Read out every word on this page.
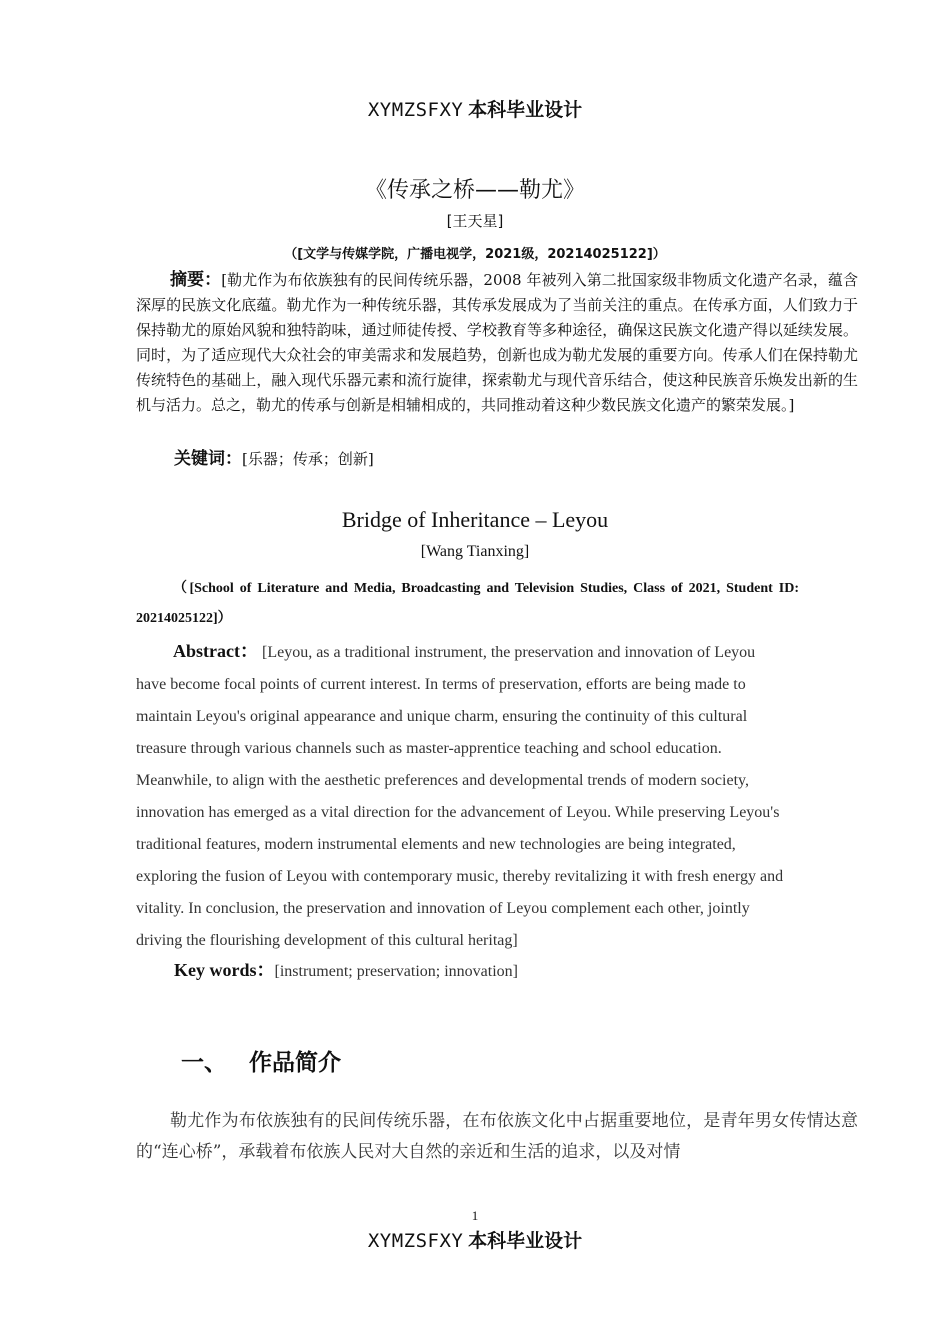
XYMZSFXY 本科毕业设计
《传承之桥——勒尤》
[王天星]
（[文学与传媒学院，广播电视学，2021级，20214025122]）

摘要：[勒尤作为布依族独有的民间传统乐器，2008 年被列入第二批国家级非物质文化遗产名录，蕴含深厚的民族文化底蕴。勒尤作为一种传统乐器，其传承发展成为了当前关注的重点。在传承方面，人们致力于保持勒尤的原始风貌和独特韵味，通过师徒传授、学校教育等多种途径，确保这民族文化遗产得以延续发展。同时，为了适应现代大众社会的审美需求和发展趋势，创新也成为勒尤发展的重要方向。传承人们在保持勒尤传统特色的基础上，融入现代乐器元素和流行旋律，探索勒尤与现代音乐结合，使这种民族音乐焕发出新的生机与活力。总之，勒尤的传承与创新是相辅相成的，共同推动着这种少数民族文化遗产的繁荣发展。]

关键词：[乐器；传承；创新]
Bridge of Inheritance – Leyou
[Wang Tianxing]

（[School of Literature and Media, Broadcasting and Television Studies, Class of 2021, Student ID: 20214025122]）

Abstract： [Leyou, as a traditional instrument, the preservation and innovation of Leyou
have become focal points of current interest. In terms of preservation, efforts are being made to
maintain Leyou's original appearance and unique charm, ensuring the continuity of this cultural
treasure through various channels such as master-apprentice teaching and school education.
Meanwhile, to align with the aesthetic preferences and developmental trends of modern society,
innovation has emerged as a vital direction for the advancement of Leyou. While preserving Leyou's
traditional features, modern instrumental elements and new technologies are being integrated,
exploring the fusion of Leyou with contemporary music, thereby revitalizing it with fresh energy and
vitality. In conclusion, the preservation and innovation of Leyou complement each other, jointly
driving the flourishing development of this cultural heritag]
Key words：[instrument; preservation; innovation]
一、 作品简介

勒尤作为布依族独有的民间传统乐器，在布依族文化中占据重要地位，是青年男女传情达意的“连心桥”，承载着布依族人民对大自然的亲近和生活的追求，以及对情

1
XYMZSFXY 本科毕业设计
